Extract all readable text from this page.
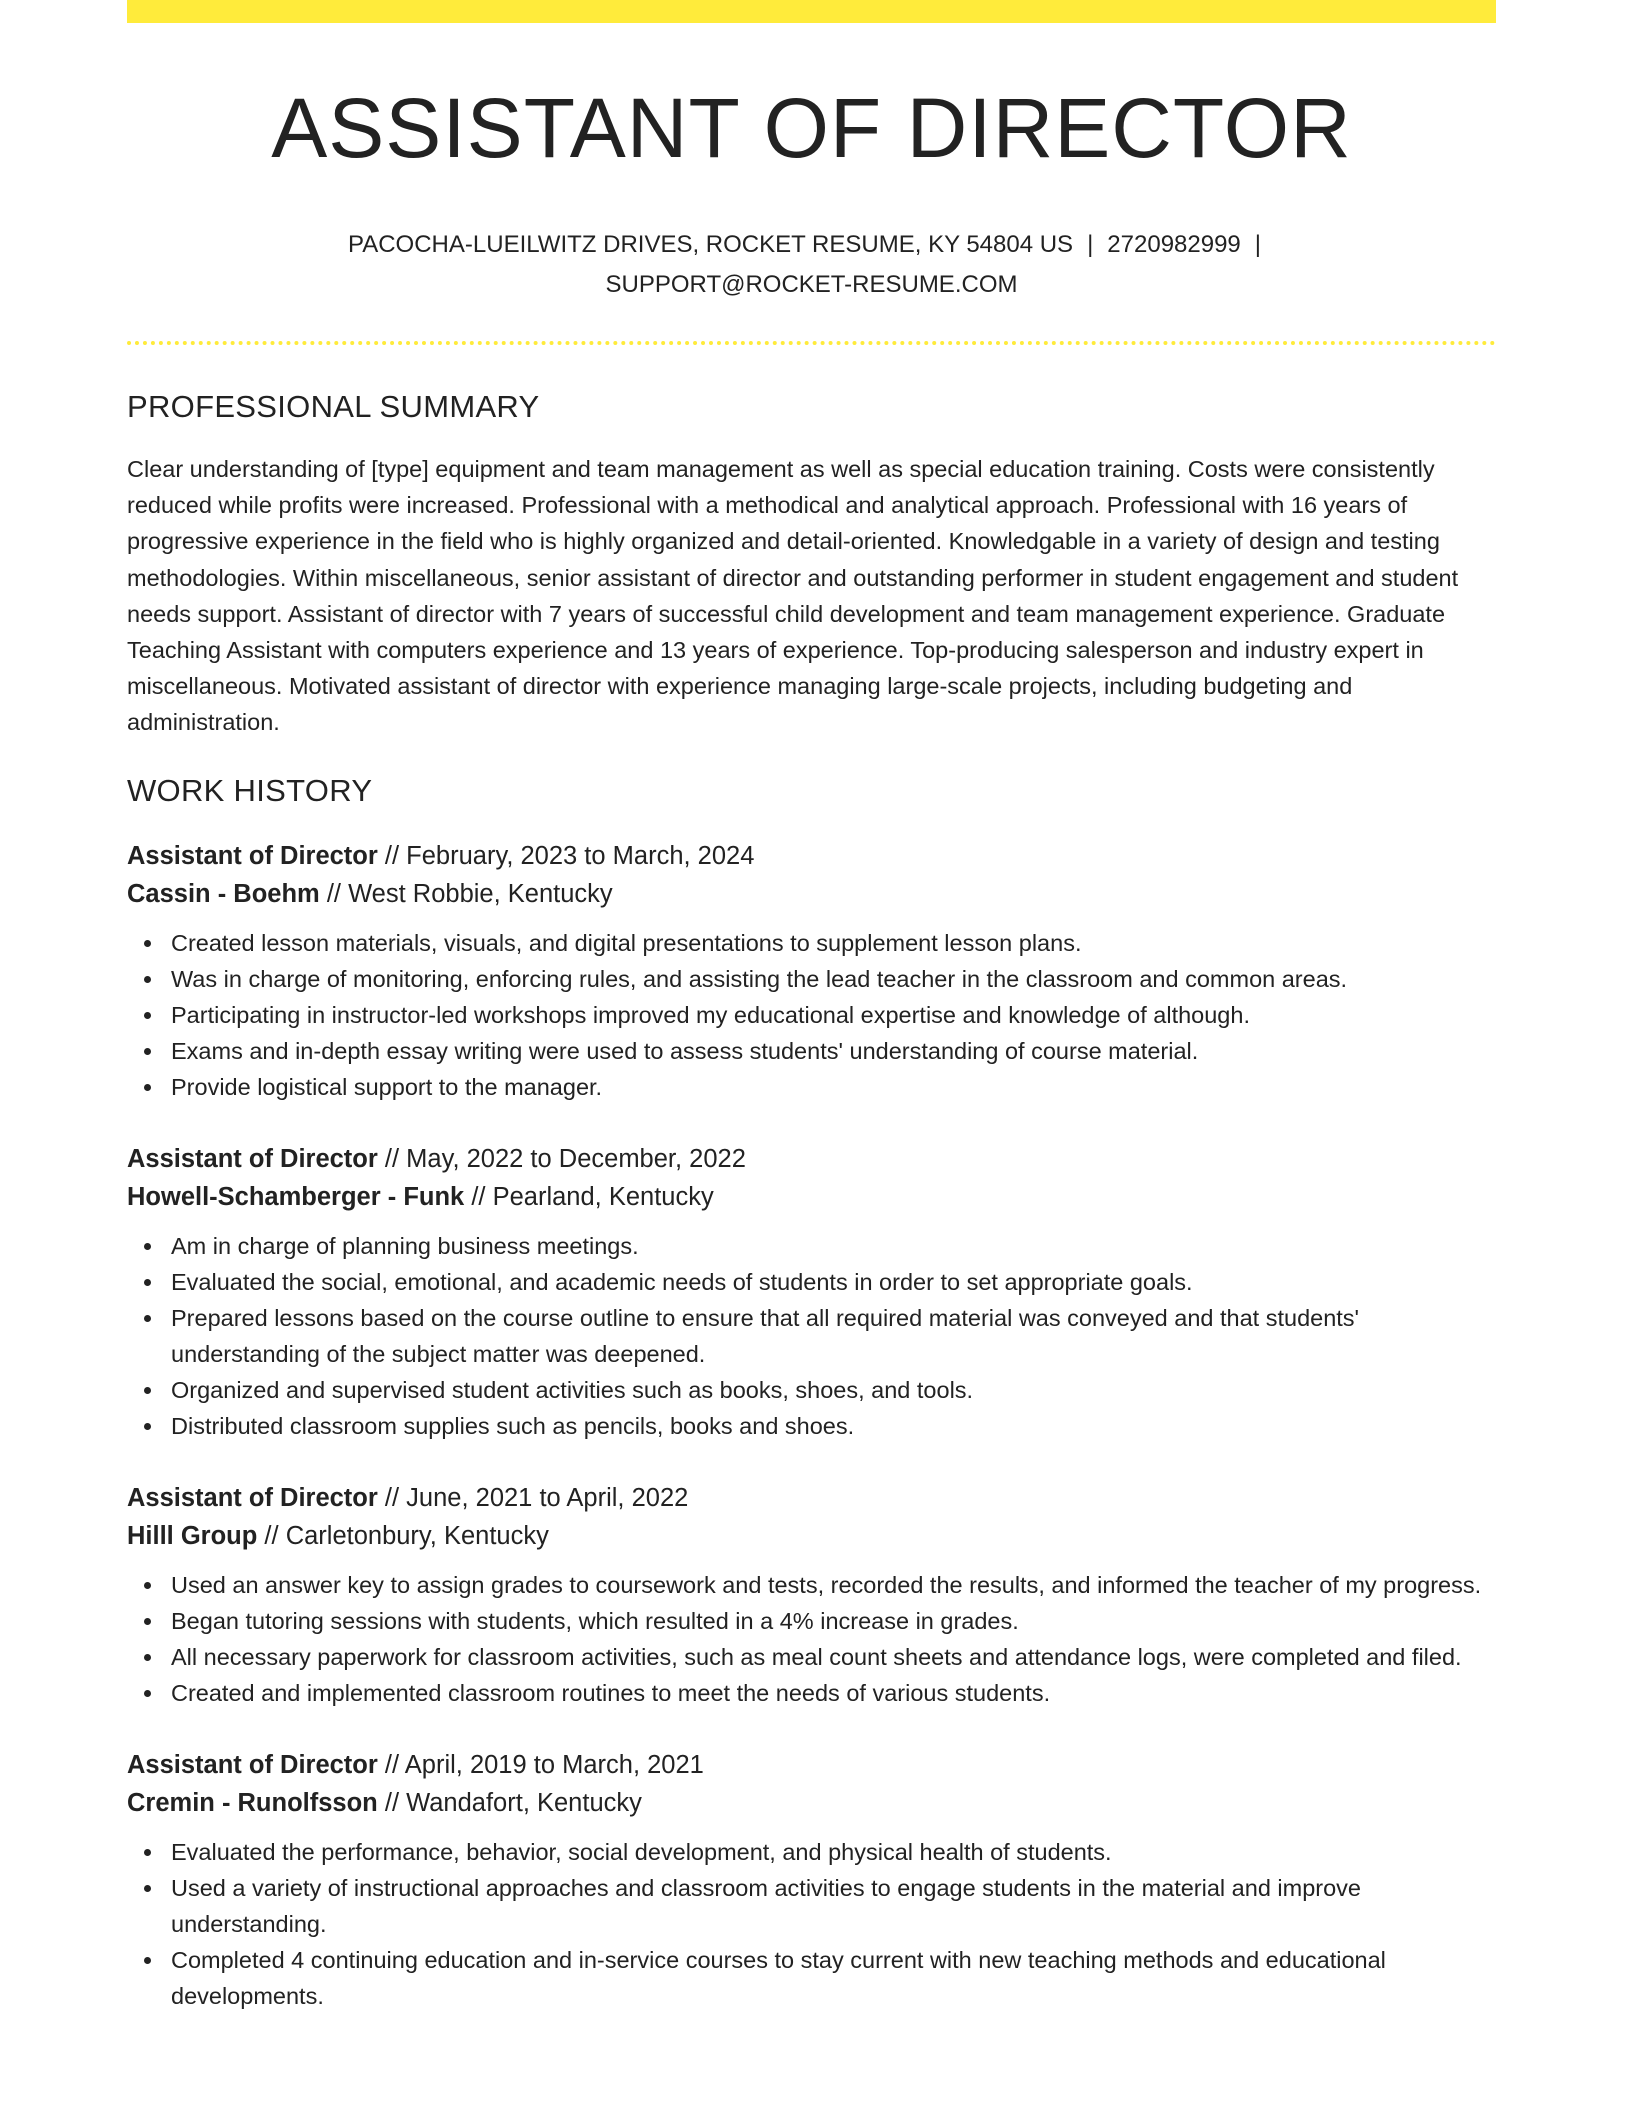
ASSISTANT OF DIRECTOR
PACOCHA-LUEILWITZ DRIVES, ROCKET RESUME, KY 54804 US | 2720982999 |
SUPPORT@ROCKET-RESUME.COM
PROFESSIONAL SUMMARY

Clear understanding of [type] equipment and team management as well as special education training. Costs were consistently reduced while profits were increased. Professional with a methodical and analytical approach. Professional with 16 years of progressive experience in the field who is highly organized and detail-oriented. Knowledgable in a variety of design and testing methodologies. Within miscellaneous, senior assistant of director and outstanding performer in student engagement and student needs support. Assistant of director with 7 years of successful child development and team management experience. Graduate Teaching Assistant with computers experience and 13 years of experience. Top-producing salesperson and industry expert in miscellaneous. Motivated assistant of director with experience managing large-scale projects, including budgeting and administration.

WORK HISTORY
Assistant of Director // February, 2023 to March, 2024
Cassin - Boehm // West Robbie, Kentucky
Created lesson materials, visuals, and digital presentations to supplement lesson plans.
Was in charge of monitoring, enforcing rules, and assisting the lead teacher in the classroom and common areas.
Participating in instructor-led workshops improved my educational expertise and knowledge of although.
Exams and in-depth essay writing were used to assess students' understanding of course material.
Provide logistical support to the manager.
Assistant of Director // May, 2022 to December, 2022
Howell-Schamberger - Funk // Pearland, Kentucky
Am in charge of planning business meetings.
Evaluated the social, emotional, and academic needs of students in order to set appropriate goals.
Prepared lessons based on the course outline to ensure that all required material was conveyed and that students' understanding of the subject matter was deepened.
Organized and supervised student activities such as books, shoes, and tools.
Distributed classroom supplies such as pencils, books and shoes.
Assistant of Director // June, 2021 to April, 2022
Hilll Group // Carletonbury, Kentucky
Used an answer key to assign grades to coursework and tests, recorded the results, and informed the teacher of my progress.
Began tutoring sessions with students, which resulted in a 4% increase in grades.
All necessary paperwork for classroom activities, such as meal count sheets and attendance logs, were completed and filed.
Created and implemented classroom routines to meet the needs of various students.
Assistant of Director // April, 2019 to March, 2021
Cremin - Runolfsson // Wandafort, Kentucky
Evaluated the performance, behavior, social development, and physical health of students.
Used a variety of instructional approaches and classroom activities to engage students in the material and improve understanding.
Completed 4 continuing education and in-service courses to stay current with new teaching methods and educational developments.
